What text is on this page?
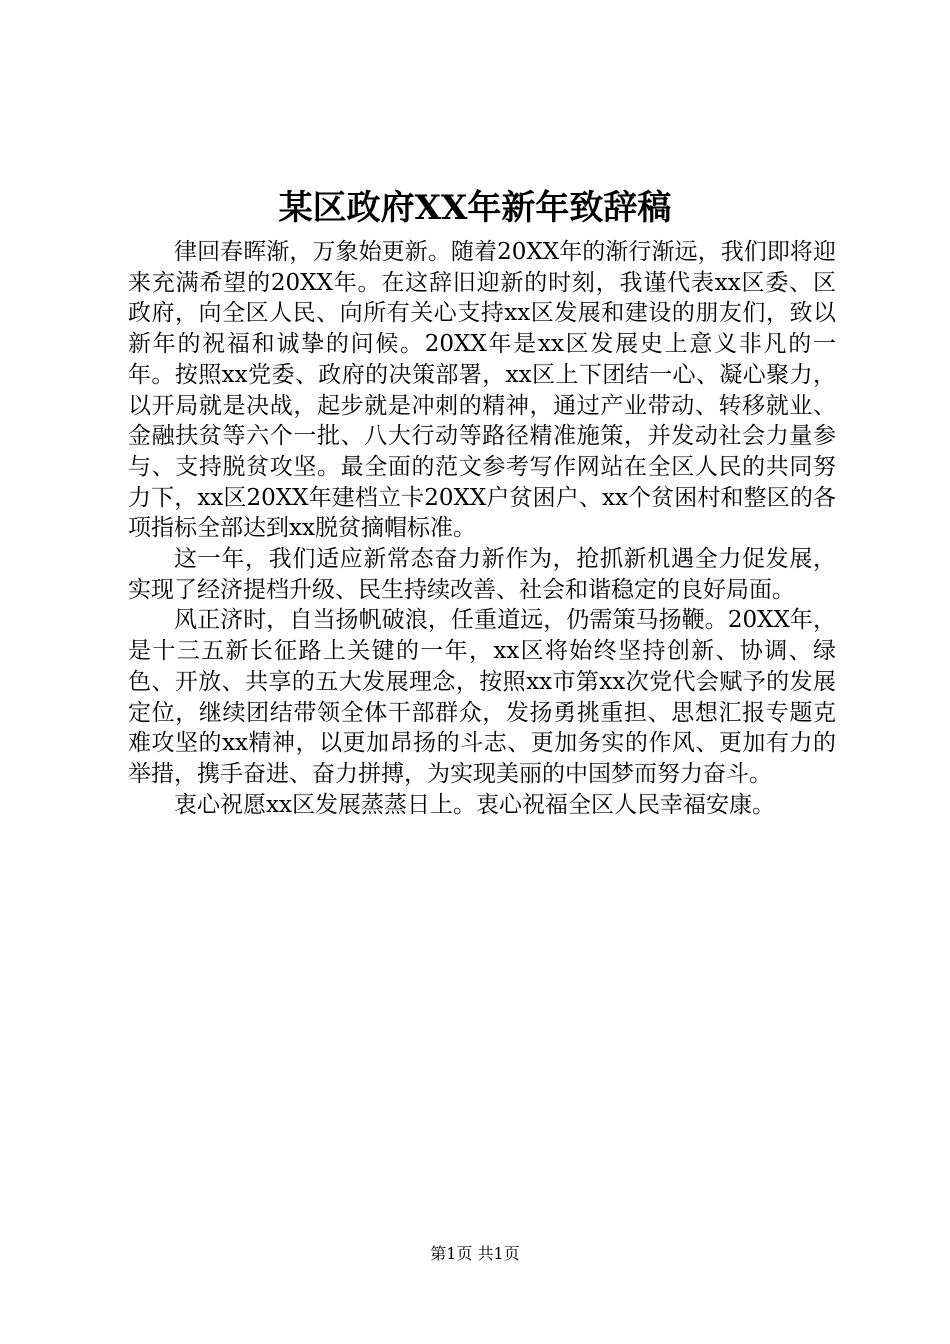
某区政府XX年新年致辞稿

律回春晖渐，万象始更新。随着20XX年的渐行渐远，我们即将迎来充满希望的20XX年。在这辞旧迎新的时刻，我谨代表xx区委、区政府，向全区人民、向所有关心支持xx区发展和建设的朋友们，致以新年的祝福和诚挚的问候。20XX年是xx区发展史上意义非凡的一年。按照xx党委、政府的决策部署，xx区上下团结一心、凝心聚力，以开局就是决战，起步就是冲刺的精神，通过产业带动、转移就业、金融扶贫等六个一批、八大行动等路径精准施策，并发动社会力量参与、支持脱贫攻坚。最全面的范文参考写作网站在全区人民的共同努力下，xx区20XX年建档立卡20XX户贫困户、xx个贫困村和整区的各项指标全部达到xx脱贫摘帽标准。

这一年，我们适应新常态奋力新作为，抢抓新机遇全力促发展，实现了经济提档升级、民生持续改善、社会和谐稳定的良好局面。

风正济时，自当扬帆破浪，任重道远，仍需策马扬鞭。20XX年，是十三五新长征路上关键的一年，xx区将始终坚持创新、协调、绿色、开放、共享的五大发展理念，按照xx市第xx次党代会赋予的发展定位，继续团结带领全体干部群众，发扬勇挑重担、思想汇报专题克难攻坚的xx精神，以更加昂扬的斗志、更加务实的作风、更加有力的举措，携手奋进、奋力拼搏，为实现美丽的中国梦而努力奋斗。

衷心祝愿xx区发展蒸蒸日上。衷心祝福全区人民幸福安康。

第1页 共1页
